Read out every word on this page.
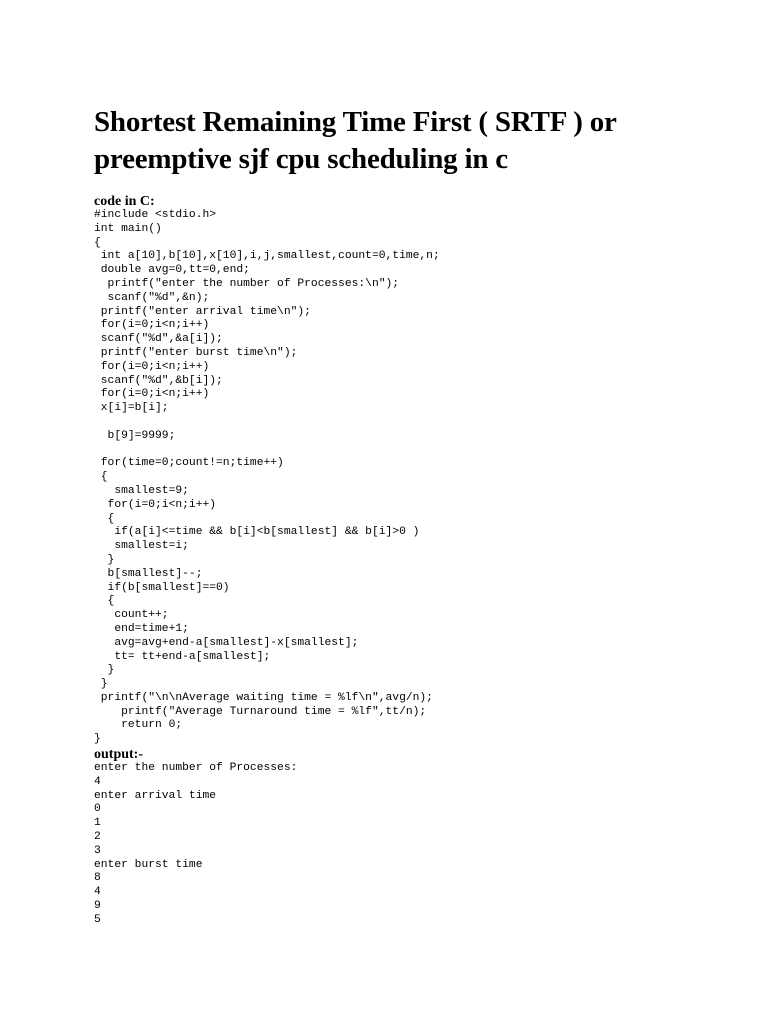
Shortest Remaining Time First ( SRTF ) or
preemptive sjf cpu scheduling in c
code in C:
#include <stdio.h>
int main()
{
int a[10],b[10],x[10],i,j,smallest,count=0,time,n;
double avg=0,tt=0,end;
printf("enter the number of Processes:\n");
scanf("%d",&n);
printf("enter arrival time\n");
for(i=0;i<n;i++)
scanf("%d",&a[i]);
printf("enter burst time\n");
for(i=0;i<n;i++)
scanf("%d",&b[i]);
for(i=0;i<n;i++)
x[i]=b[i];
b[9]=9999;
for(time=0;count!=n;time++)
{
smallest=9;
for(i=0;i<n;i++)
{
if(a[i]<=time && b[i]<b[smallest] && b[i]>0 )
smallest=i;
}
b[smallest]--;
if(b[smallest]==0)
{
count++;
end=time+1;
avg=avg+end-a[smallest]-x[smallest];
tt= tt+end-a[smallest];
}
}
printf("\n\nAverage waiting time = %lf\n",avg/n);
printf("Average Turnaround time = %lf",tt/n);
return 0;
}
output:-
enter the number of Processes:
4
enter arrival time
0
1
2
3
enter burst time
8
4
9
5
